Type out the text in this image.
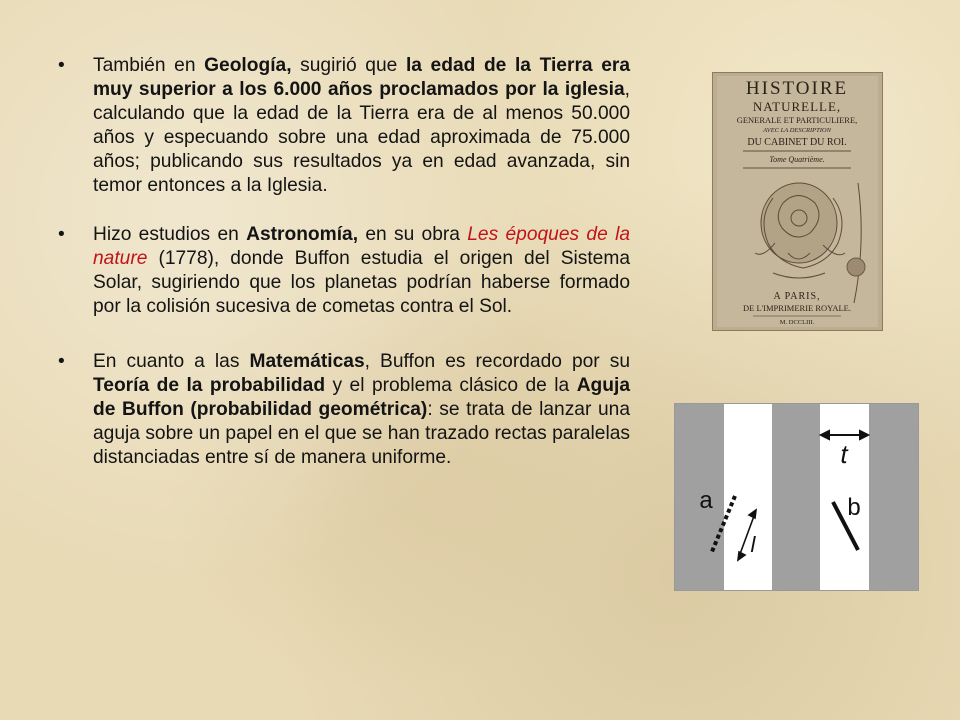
• También en Geología, sugirió que la edad de la Tierra era muy superior a los 6.000 años proclamados por la iglesia, calculando que la edad de la Tierra era de al menos 50.000 años y especuando sobre una edad aproximada de 75.000 años; publicando sus resultados ya en edad avanzada, sin temor entonces a la Iglesia.
• Hizo estudios en Astronomía, en su obra Les époques de la nature (1778), donde Buffon estudia el origen del Sistema Solar, sugiriendo que los planetas podrían haberse formado por la colisión sucesiva de cometas contra el Sol.
• En cuanto a las Matemáticas, Buffon es recordado por su Teoría de la probabilidad y el problema clásico de la Aguja de Buffon (probabilidad geométrica): se trata de lanzar una aguja sobre un papel en el que se han trazado rectas paralelas distanciadas entre sí de manera uniforme.
HISTOIRE
NATURELLE,
GENERALE ET PARTICULIERE,
AVEC LA DESCRIPTION
DU CABINET DU ROI.
Tome Quatrième.
A PARIS,
DE L'IMPRIMERIE ROYALE.
M. DCCLIII.
t
a
l
b
